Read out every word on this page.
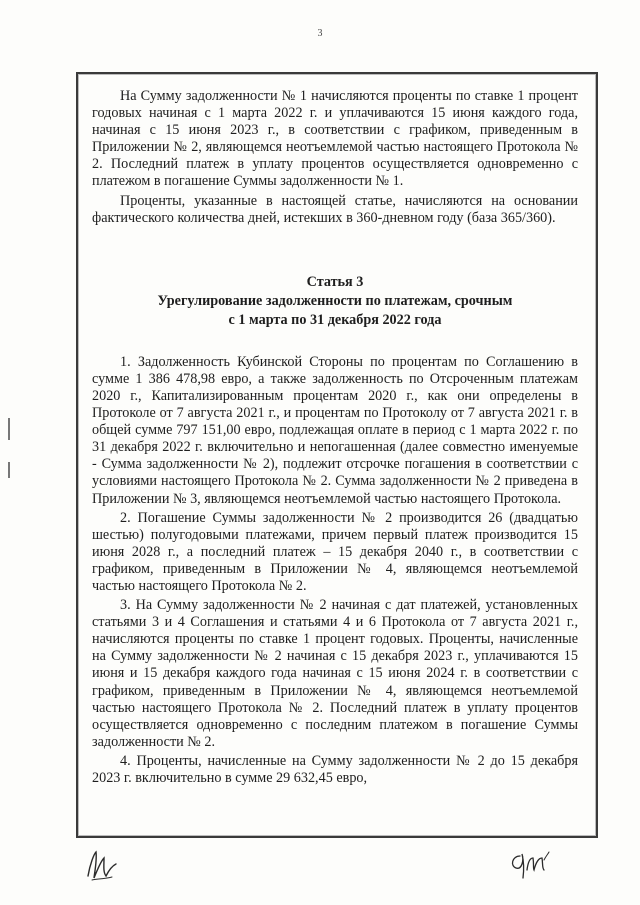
3

На Сумму задолженности № 1 начисляются проценты по ставке 1 процент годовых начиная с 1 марта 2022 г. и уплачиваются 15 июня каждого года, начиная с 15 июня 2023 г., в соответствии с графиком, приведенным в Приложении № 2, являющемся неотъемлемой частью настоящего Протокола № 2. Последний платеж в уплату процентов осуществляется одновременно с платежом в погашение Суммы задолженности № 1.

Проценты, указанные в настоящей статье, начисляются на основании фактического количества дней, истекших в 360-дневном году (база 365/360).

Статья 3
Урегулирование задолженности по платежам, срочным
с 1 марта по 31 декабря 2022 года

1. Задолженность Кубинской Стороны по процентам по Соглашению в сумме 1 386 478,98 евро, а также задолженность по Отсроченным платежам 2020 г., Капитализированным процентам 2020 г., как они определены в Протоколе от 7 августа 2021 г., и процентам по Протоколу от 7 августа 2021 г. в общей сумме 797 151,00 евро, подлежащая оплате в период с 1 марта 2022 г. по 31 декабря 2022 г. включительно и непогашенная (далее совместно именуемые - Сумма задолженности № 2), подлежит отсрочке погашения в соответствии с условиями настоящего Протокола № 2. Сумма задолженности № 2 приведена в Приложении № 3, являющемся неотъемлемой частью настоящего Протокола.

2. Погашение Суммы задолженности № 2 производится 26 (двадцатью шестью) полугодовыми платежами, причем первый платеж производится 15 июня 2028 г., а последний платеж – 15 декабря 2040 г., в соответствии с графиком, приведенным в Приложении № 4, являющемся неотъемлемой частью настоящего Протокола № 2.

3. На Сумму задолженности № 2 начиная с дат платежей, установленных статьями 3 и 4 Соглашения и статьями 4 и 6 Протокола от 7 августа 2021 г., начисляются проценты по ставке 1 процент годовых. Проценты, начисленные на Сумму задолженности № 2 начиная с 15 декабря 2023 г., уплачиваются 15 июня и 15 декабря каждого года начиная с 15 июня 2024 г. в соответствии с графиком, приведенным в Приложении № 4, являющемся неотъемлемой частью настоящего Протокола № 2. Последний платеж в уплату процентов осуществляется одновременно с последним платежом в погашение Суммы задолженности № 2.

4. Проценты, начисленные на Сумму задолженности № 2 до 15 декабря 2023 г. включительно в сумме 29 632,45 евро,
